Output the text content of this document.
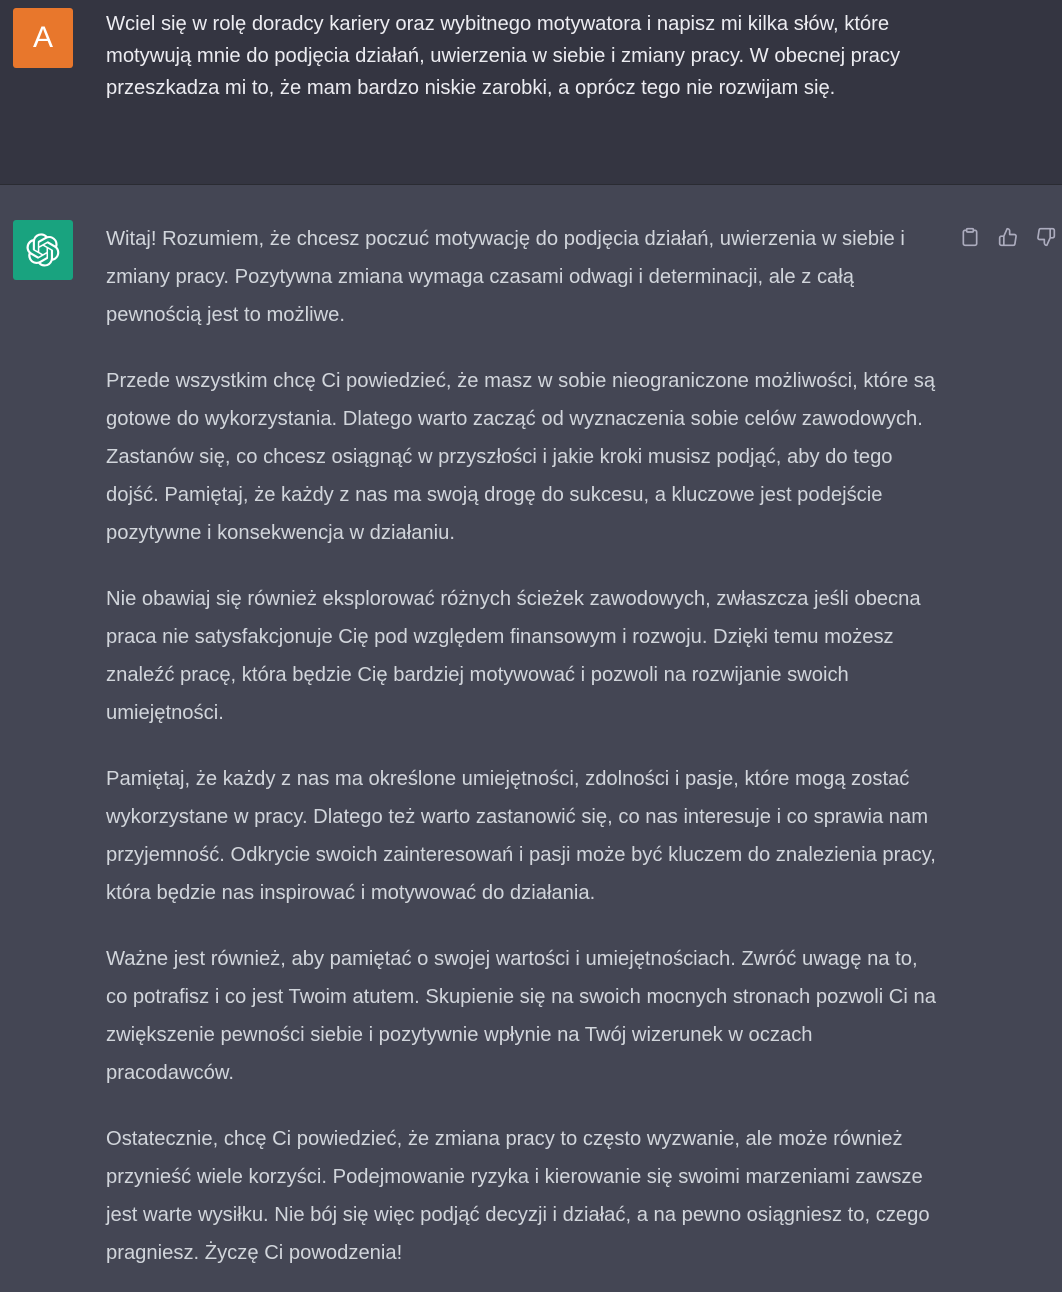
A	Wciel się w rolę doradcy kariery oraz wybitnego motywatora i napisz mi kilka słów, które motywują mnie do podjęcia działań, uwierzenia w siebie i zmiany pracy. W obecnej pracy przeszkadza mi to, że mam bardzo niskie zarobki, a oprócz tego nie rozwijam się.

Witaj! Rozumiem, że chcesz poczuć motywację do podjęcia działań, uwierzenia w siebie i zmiany pracy. Pozytywna zmiana wymaga czasami odwagi i determinacji, ale z całą pewnością jest to możliwe.

Przede wszystkim chcę Ci powiedzieć, że masz w sobie nieograniczone możliwości, które są gotowe do wykorzystania. Dlatego warto zacząć od wyznaczenia sobie celów zawodowych. Zastanów się, co chcesz osiągnąć w przyszłości i jakie kroki musisz podjąć, aby do tego dojść. Pamiętaj, że każdy z nas ma swoją drogę do sukcesu, a kluczowe jest podejście pozytywne i konsekwencja w działaniu.

Nie obawiaj się również eksplorować różnych ścieżek zawodowych, zwłaszcza jeśli obecna praca nie satysfakcjonuje Cię pod względem finansowym i rozwoju. Dzięki temu możesz znaleźć pracę, która będzie Cię bardziej motywować i pozwoli na rozwijanie swoich umiejętności.

Pamiętaj, że każdy z nas ma określone umiejętności, zdolności i pasje, które mogą zostać wykorzystane w pracy. Dlatego też warto zastanowić się, co nas interesuje i co sprawia nam przyjemność. Odkrycie swoich zainteresowań i pasji może być kluczem do znalezienia pracy, która będzie nas inspirować i motywować do działania.

Ważne jest również, aby pamiętać o swojej wartości i umiejętnościach. Zwróć uwagę na to, co potrafisz i co jest Twoim atutem. Skupienie się na swoich mocnych stronach pozwoli Ci na zwiększenie pewności siebie i pozytywnie wpłynie na Twój wizerunek w oczach pracodawców.

Ostatecznie, chcę Ci powiedzieć, że zmiana pracy to często wyzwanie, ale może również przynieść wiele korzyści. Podejmowanie ryzyka i kierowanie się swoimi marzeniami zawsze jest warte wysiłku. Nie bój się więc podjąć decyzji i działać, a na pewno osiągniesz to, czego pragniesz. Życzę Ci powodzenia!
